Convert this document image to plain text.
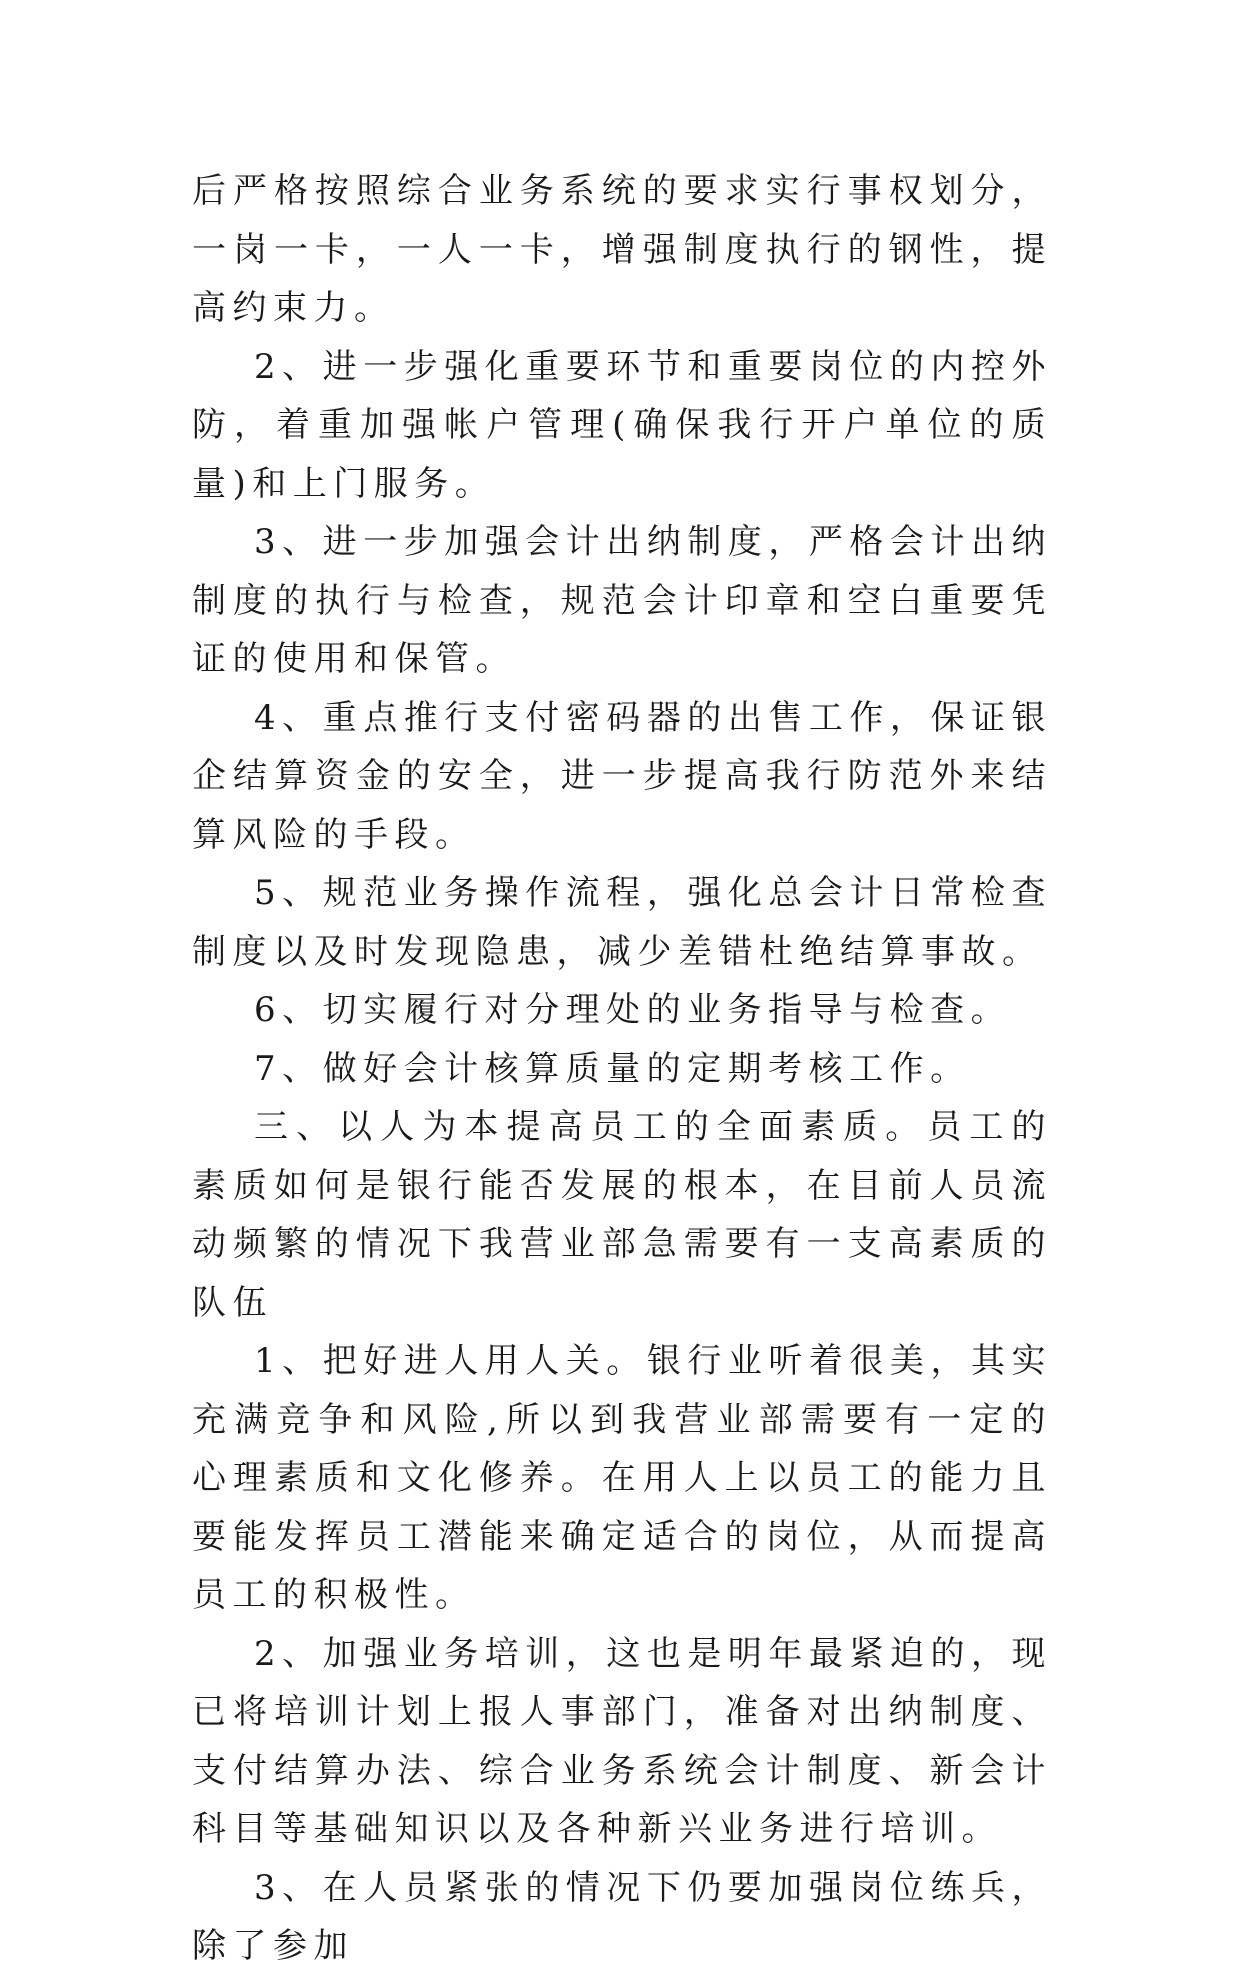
后严格按照综合业务系统的要求实行事权划分，一岗一卡，一人一卡，增强制度执行的钢性，提高约束力。

2、进一步强化重要环节和重要岗位的内控外防，着重加强帐户管理(确保我行开户单位的质量)和上门服务。

3、进一步加强会计出纳制度，严格会计出纳制度的执行与检查，规范会计印章和空白重要凭证的使用和保管。

4、重点推行支付密码器的出售工作，保证银企结算资金的安全，进一步提高我行防范外来结算风险的手段。

5、规范业务操作流程，强化总会计日常检查制度以及时发现隐患，减少差错杜绝结算事故。

6、切实履行对分理处的业务指导与检查。

7、做好会计核算质量的定期考核工作。

三、以人为本提高员工的全面素质。员工的素质如何是银行能否发展的根本，在目前人员流动频繁的情况下我营业部急需要有一支高素质的队伍

1、把好进人用人关。银行业听着很美，其实充满竞争和风险,所以到我营业部需要有一定的心理素质和文化修养。在用人上以员工的能力且要能发挥员工潜能来确定适合的岗位，从而提高员工的积极性。

2、加强业务培训，这也是明年最紧迫的，现已将培训计划上报人事部门，准备对出纳制度、支付结算办法、综合业务系统会计制度、新会计科目等基础知识以及各种新兴业务进行培训。

3、在人员紧张的情况下仍要加强岗位练兵，除了参加
